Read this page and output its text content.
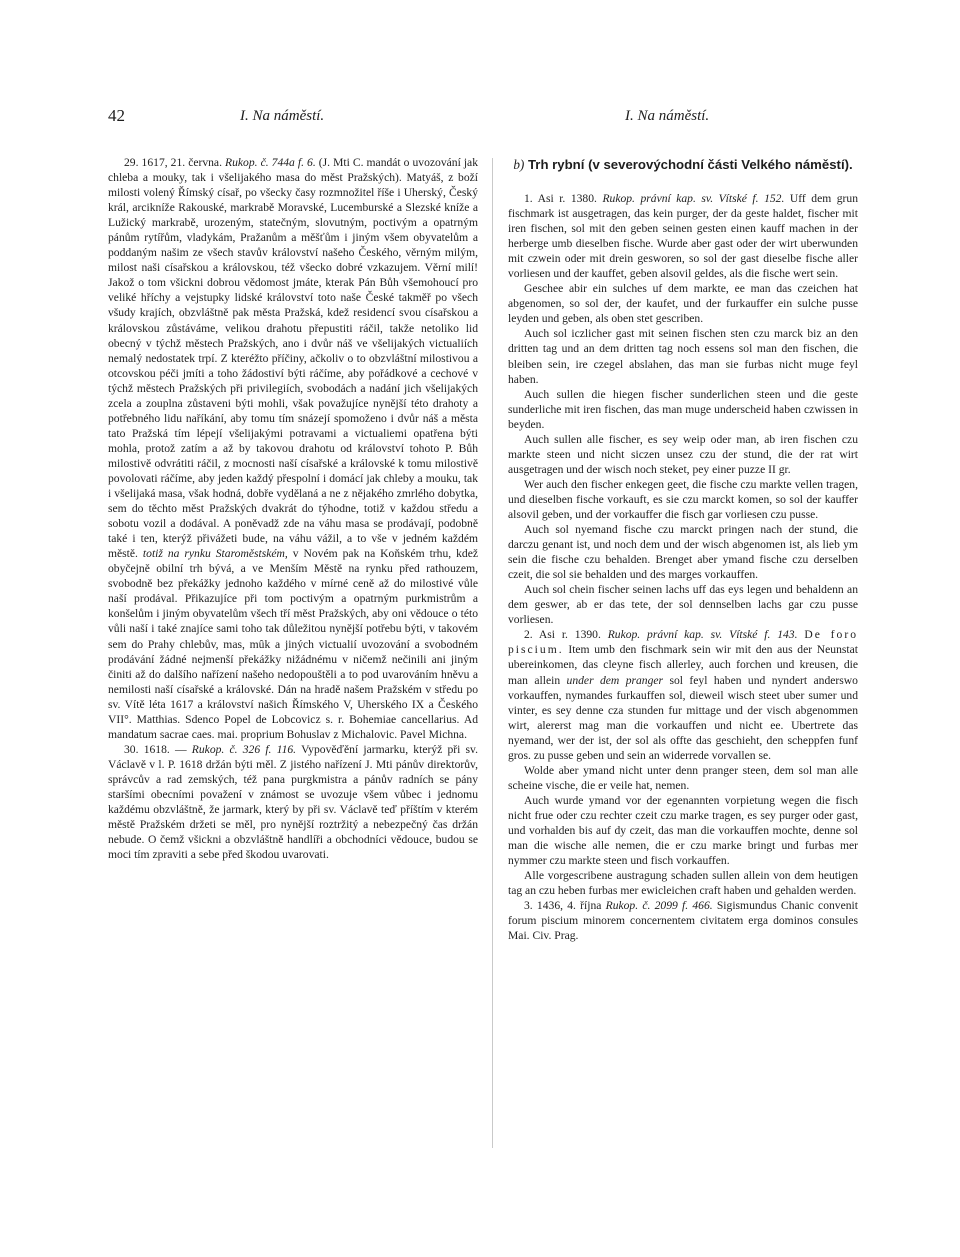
42	I. Na náměstí.	I. Na náměstí.

29. 1617, 21. června. Rukop. č. 744a f. 6. (J. Mti C. mandát o uvozování jak chleba a mouky, tak i všelijakého masa do měst Pražských). Matyáš, z boží milosti volený Římský císař, po všecky časy rozmnožitel říše i Uherský, Český král, arcikníže Rakouské, markrabě Moravské, Lucemburské a Slezské kníže a Lužický markrabě, urozeným, statečným, slovutným, poctivým a opatrným pánům rytířům, vladykám, Pražanům a měšťům i jiným všem obyvatelům a poddaným našim ze všech stavův království našeho Českého, věrným milým, milost naši císařskou a královskou, též všecko dobré vzkazujem. Věrní milí! Jakož o tom všickni dobrou vědomost jmáte, kterak Pán Bůh všemohoucí pro veliké hříchy a vejstupky lidské království toto naše České takměř po všech všudy krajích, obzvláštně pak města Pražská, kdež residencí svou císařskou a královskou zůstáváme, velikou drahotu přepustiti ráčil, takže netoliko lid obecný v týchž městech Pražských, ano i dvůr náš ve všelijakých victualiích nemalý nedostatek trpí. Z kteréžto příčiny, ačkoliv o to obzvláštní milostivou a otcovskou péči jmíti a toho žádostiví býti ráčíme, aby pořádkové a cechové v týchž městech Pražských při privilegiích, svobodách a nadání jich všelijakých zcela a zouplna zůstaveni býti mohli, však považujíce nynější této drahoty a potřebného lidu naříkání, aby tomu tím snázejí spomoženo i dvůr náš a města tato Pražská tím lépejí všelijakými potravami a victualiemi opatřena býti mohla, protož zatím a až by takovou drahotu od království tohoto P. Bůh milostivě odvrátiti ráčil, z mocnosti naší císařské a královské k tomu milostivě povolovati ráčíme, aby jeden každý přespolní i domácí jak chleby a mouku, tak i všelijaká masa, však hodná, dobře vydělaná a ne z nějakého zmrlého dobytka, sem do těchto měst Pražských dvakrát do týhodne, totiž v každou středu a sobotu vozil a dodával. A poněvadž zde na váhu masa se prodávají, podobně také i ten, kterýž přivážeti bude, na váhu vážil, a to vše v jedném každém městě. totiž na rynku Staroměstském, v Novém pak na Koňském trhu, kdež obyčejně obilní trh bývá, a ve Menším Městě na rynku před rathouzem, svobodně bez překážky jednoho každého v mírné ceně až do milostivé vůle naší prodával. Přikazujíce při tom poctivým a opatrným purkmistrům a konšelům i jiným obyvatelům všech tří měst Pražských, aby oni vědouce o této vůli naší i také znajíce sami toho tak důležitou nynější potřebu býti, v takovém sem do Prahy chlebův, mas, mûk a jiných victualií uvozování a svobodném prodávání žádné nejmenší překážky nižádnému v ničemž nečinili ani jiným činiti až do dalšího nařízení našeho nedopouštěli a to pod uvarováním hněvu a nemilosti naší císařské a královské. Dán na hradě našem Pražském v středu po sv. Vítě léta 1617 a království našich Římského V, Uherského IX a Českého VII°. Matthias. Sdenco Popel de Lobcovicz s. r. Bohemiae cancellarius. Ad mandatum sacrae caes. mai. proprium Bohuslav z Michalovic. Pavel Michna.

30. 1618. — Rukop. č. 326 f. 116. Vypověďění jarmarku, kterýž při sv. Václavě v l. P. 1618 držán býti měl. Z jistého nařízení J. Mti pánův direktorův, správcův a rad zemských, též pana purgkmistra a pánův radních se pány staršími obecními považení v známost se uvozuje všem vůbec i jednomu každému obzvláštně, že jarmark, který by při sv. Václavě teď příštím v kterém městě Pražském držeti se měl, pro nynější roztržitý a nebezpečný čas držán nebude. O čemž všickni a obzvláštně handlíři a obchodníci vědouce, budou se moci tím zpraviti a sebe před škodou uvarovati.

b) Trh rybní (v severovýchodní části Velkého náměstí).

1. Asi r. 1380. Rukop. právní kap. sv. Vítské f. 152. Uff dem grun fischmark ist ausgetragen, das kein purger, der da geste haldet, fischer mit iren fischen, sol mit den geben seinen gesten einen kauff machen in der herberge umb dieselben fische. Wurde aber gast oder der wirt uberwunden mit czwein oder mit drein gesworen, so sol der gast dieselbe fische aller vorliesen und der kauffet, geben alsovil geldes, als die fische wert sein.

Geschee abir ein sulches uf dem markte, ee man das czeichen hat abgenomen, so sol der, der kaufet, und der furkauffer ein sulche pusse leyden und geben, als oben stet gescriben.

Auch sol iczlicher gast mit seinen fischen sten czu marck biz an den dritten tag und an dem dritten tag noch essens sol man den fischen, die bleiben sein, ire czegel abslahen, das man sie furbas nicht muge feyl haben.

Auch sullen die hiegen fischer sunderlichen steen und die geste sunderliche mit iren fischen, das man muge underscheid haben czwissen in beyden.

Auch sullen alle fischer, es sey weip oder man, ab iren fischen czu markte steen und nicht siczen unsez czu der stund, die der rat wirt ausgetragen und der wisch noch steket, pey einer puzze II gr.

Wer auch den fischer enkegen geet, die fische czu markte vellen tragen, und dieselben fische vorkauft, es sie czu marckt komen, so sol der kauffer alsovil geben, und der vorkauffer die fisch gar vorliesen czu pusse.

Auch sol nyemand fische czu marckt pringen nach der stund, die darczu genant ist, und noch dem und der wisch abgenomen ist, als lieb ym sein die fische czu behalden. Brenget aber ymand fische czu derselben czeit, die sol sie behalden und des marges vorkauffen.

Auch sol chein fischer seinen lachs uff das eys legen und behaldenn an dem geswer, ab er das tete, der sol dennselben lachs gar czu pusse vorliesen.

2. Asi r. 1390. Rukop. právní kap. sv. Vítské f. 143. De foro piscium. Item umb den fischmark sein wir mit den aus der Neunstat ubereinkomen, das cleyne fisch allerley, auch forchen und kreusen, die man allein under dem pranger sol feyl haben und nyndert anderswo vorkauffen, nymandes furkauffen sol, dieweil wisch steet uber sumer und vinter, es sey denne cza stunden fur mittage und der visch abgenommen wirt, alererst mag man die vorkauffen und nicht ee. Ubertrete das nyemand, wer der ist, der sol als offte das geschieht, den scheppfen funf gros. zu pusse geben und sein an widerrede vorvallen se.

Wolde aber ymand nicht unter denn pranger steen, dem sol man alle scheine vische, die er veile hat, nemen.

Auch wurde ymand vor der egenannten vorpietung wegen die fisch nicht frue oder czu rechter czeit czu marke tragen, es sey purger oder gast, und vorhalden bis auf dy czeit, das man die vorkauffen mochte, denne sol man die wische alle nemen, die er czu marke bringt und furbas mer nymmer czu markte steen und fisch vorkauffen.

Alle vorgescribene austragung schaden sullen allein von dem heutigen tag an czu heben furbas mer ewicleichen craft haben und gehalden werden.

3. 1436, 4. října Rukop. č. 2099 f. 466. Sigismundus Chanic convenit forum piscium minorem concernentem civitatem erga dominos consules Mai. Civ. Prag.
